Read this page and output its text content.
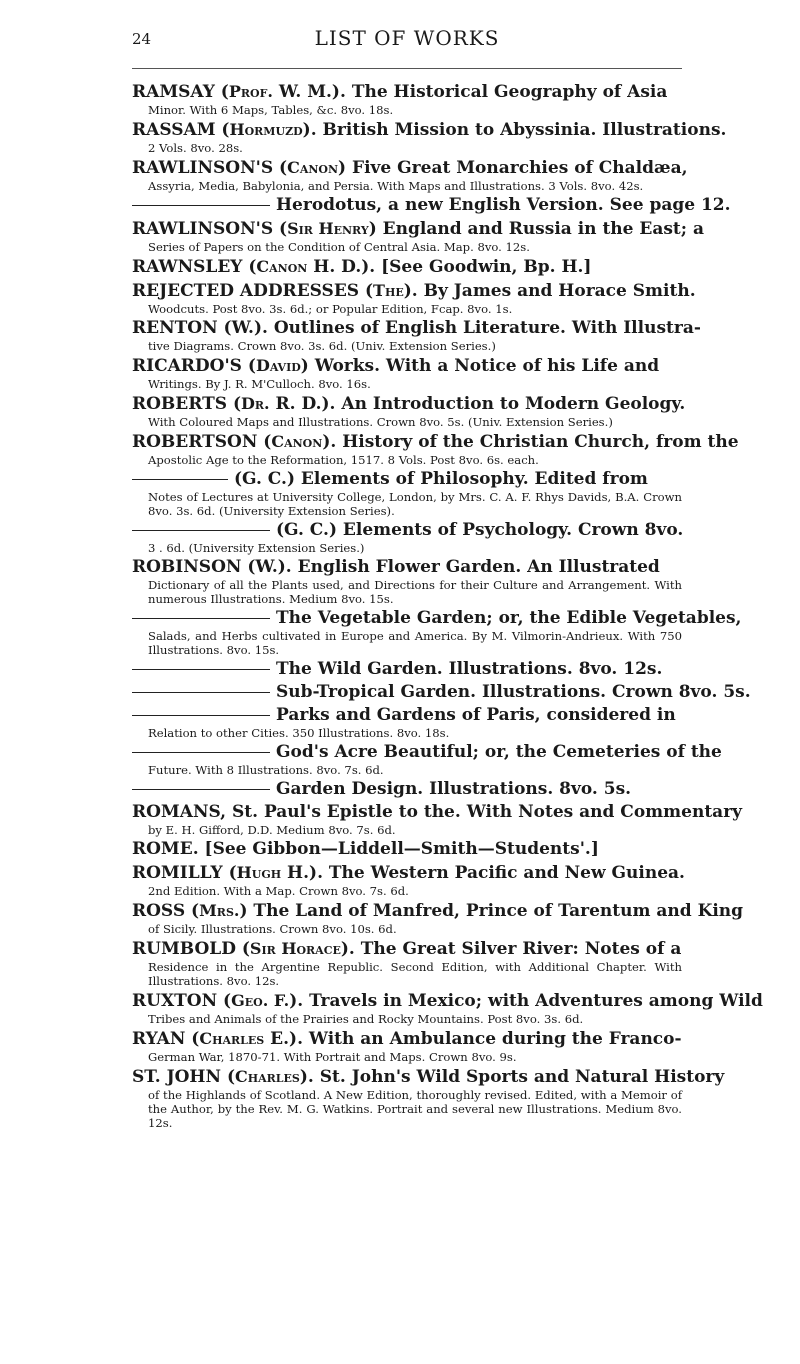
24	LIST OF WORKS
RAMSAY (Prof. W. M.). The Historical Geography of Asia
Minor. With 6 Maps, Tables, &c. 8vo. 18s.
RASSAM (Hormuzd). British Mission to Abyssinia. Illustrations.
2 Vols. 8vo. 28s.
RAWLINSON'S (Canon) Five Great Monarchies of Chaldæa,
Assyria, Media, Babylonia, and Persia. With Maps and Illustrations. 3 Vols. 8vo. 42s.
Herodotus, a new English Version. See page 12.
RAWLINSON'S (Sir Henry) England and Russia in the East; a
Series of Papers on the Condition of Central Asia. Map. 8vo. 12s.
RAWNSLEY (Canon H. D.). [See Goodwin, Bp. H.]
REJECTED ADDRESSES (The). By James and Horace Smith.
Woodcuts. Post 8vo. 3s. 6d.; or Popular Edition, Fcap. 8vo. 1s.
RENTON (W.). Outlines of English Literature. With Illustra-
tive Diagrams. Crown 8vo. 3s. 6d. (Univ. Extension Series.)
RICARDO'S (David) Works. With a Notice of his Life and
Writings. By J. R. M'Culloch. 8vo. 16s.
ROBERTS (Dr. R. D.). An Introduction to Modern Geology.
With Coloured Maps and Illustrations. Crown 8vo. 5s. (Univ. Extension Series.)
ROBERTSON (Canon). History of the Christian Church, from the
Apostolic Age to the Reformation, 1517. 8 Vols. Post 8vo. 6s. each.
(G. C.) Elements of Philosophy. Edited from
Notes of Lectures at University College, London, by Mrs. C. A. F. Rhys Davids, B.A. Crown 8vo. 3s. 6d. (University Extension Series).
(G. C.) Elements of Psychology. Crown 8vo.
3 . 6d. (University Extension Series.)
ROBINSON (W.). English Flower Garden. An Illustrated
Dictionary of all the Plants used, and Directions for their Culture and Arrangement. With numerous Illustrations. Medium 8vo. 15s.
The Vegetable Garden; or, the Edible Vegetables,
Salads, and Herbs cultivated in Europe and America. By M. Vilmorin-Andrieux. With 750 Illustrations. 8vo. 15s.
The Wild Garden. Illustrations. 8vo. 12s.
Sub-Tropical Garden. Illustrations. Crown 8vo. 5s.
Parks and Gardens of Paris, considered in
Relation to other Cities. 350 Illustrations. 8vo. 18s.
God's Acre Beautiful; or, the Cemeteries of the
Future. With 8 Illustrations. 8vo. 7s. 6d.
Garden Design. Illustrations. 8vo. 5s.
ROMANS, St. Paul's Epistle to the. With Notes and Commentary
by E. H. Gifford, D.D. Medium 8vo. 7s. 6d.
ROME. [See Gibbon—Liddell—Smith—Students'.]
ROMILLY (Hugh H.). The Western Pacific and New Guinea.
2nd Edition. With a Map. Crown 8vo. 7s. 6d.
ROSS (Mrs.) The Land of Manfred, Prince of Tarentum and King
of Sicily. Illustrations. Crown 8vo. 10s. 6d.
RUMBOLD (Sir Horace). The Great Silver River: Notes of a
Residence in the Argentine Republic. Second Edition, with Additional Chapter. With Illustrations. 8vo. 12s.
RUXTON (Geo. F.). Travels in Mexico; with Adventures among Wild
Tribes and Animals of the Prairies and Rocky Mountains. Post 8vo. 3s. 6d.
RYAN (Charles E.). With an Ambulance during the Franco-
German War, 1870-71. With Portrait and Maps. Crown 8vo. 9s.
ST. JOHN (Charles). St. John's Wild Sports and Natural History
of the Highlands of Scotland. A New Edition, thoroughly revised. Edited, with a Memoir of the Author, by the Rev. M. G. Watkins. Portrait and several new Illustrations. Medium 8vo. 12s.
